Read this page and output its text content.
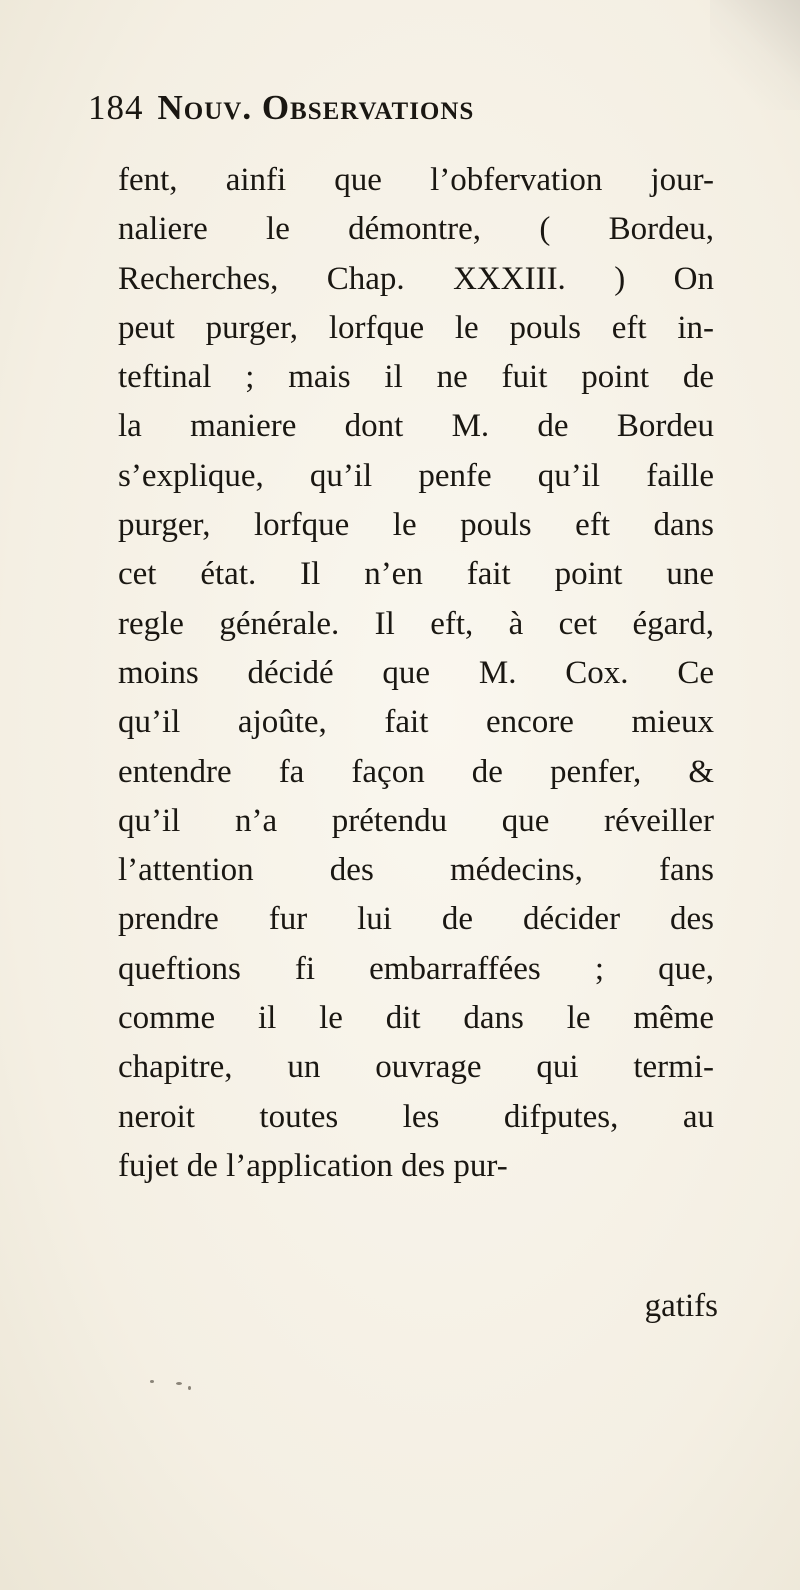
184 Nouv. Observations
fent, ainfi que l’obfervation jour-
naliere le démontre, ( Bordeu,
Recherches, Chap. XXXIII. ) On
peut purger, lorfque le pouls eft in-
teftinal ; mais il ne fuit point de
la maniere dont M. de Bordeu
s’explique, qu’il penfe qu’il faille
purger, lorfque le pouls eft dans
cet état. Il n’en fait point une
regle générale. Il eft, à cet égard,
moins décidé que M. Cox. Ce
qu’il ajoûte, fait encore mieux
entendre fa façon de penfer, &
qu’il n’a prétendu que réveiller
l’attention des médecins, fans
prendre fur lui de décider des
queftions fi embarraffées ; que,
comme il le dit dans le même
chapitre, un ouvrage qui termi-
neroit toutes les difputes, au
fujet de l’application des pur-
gatifs
